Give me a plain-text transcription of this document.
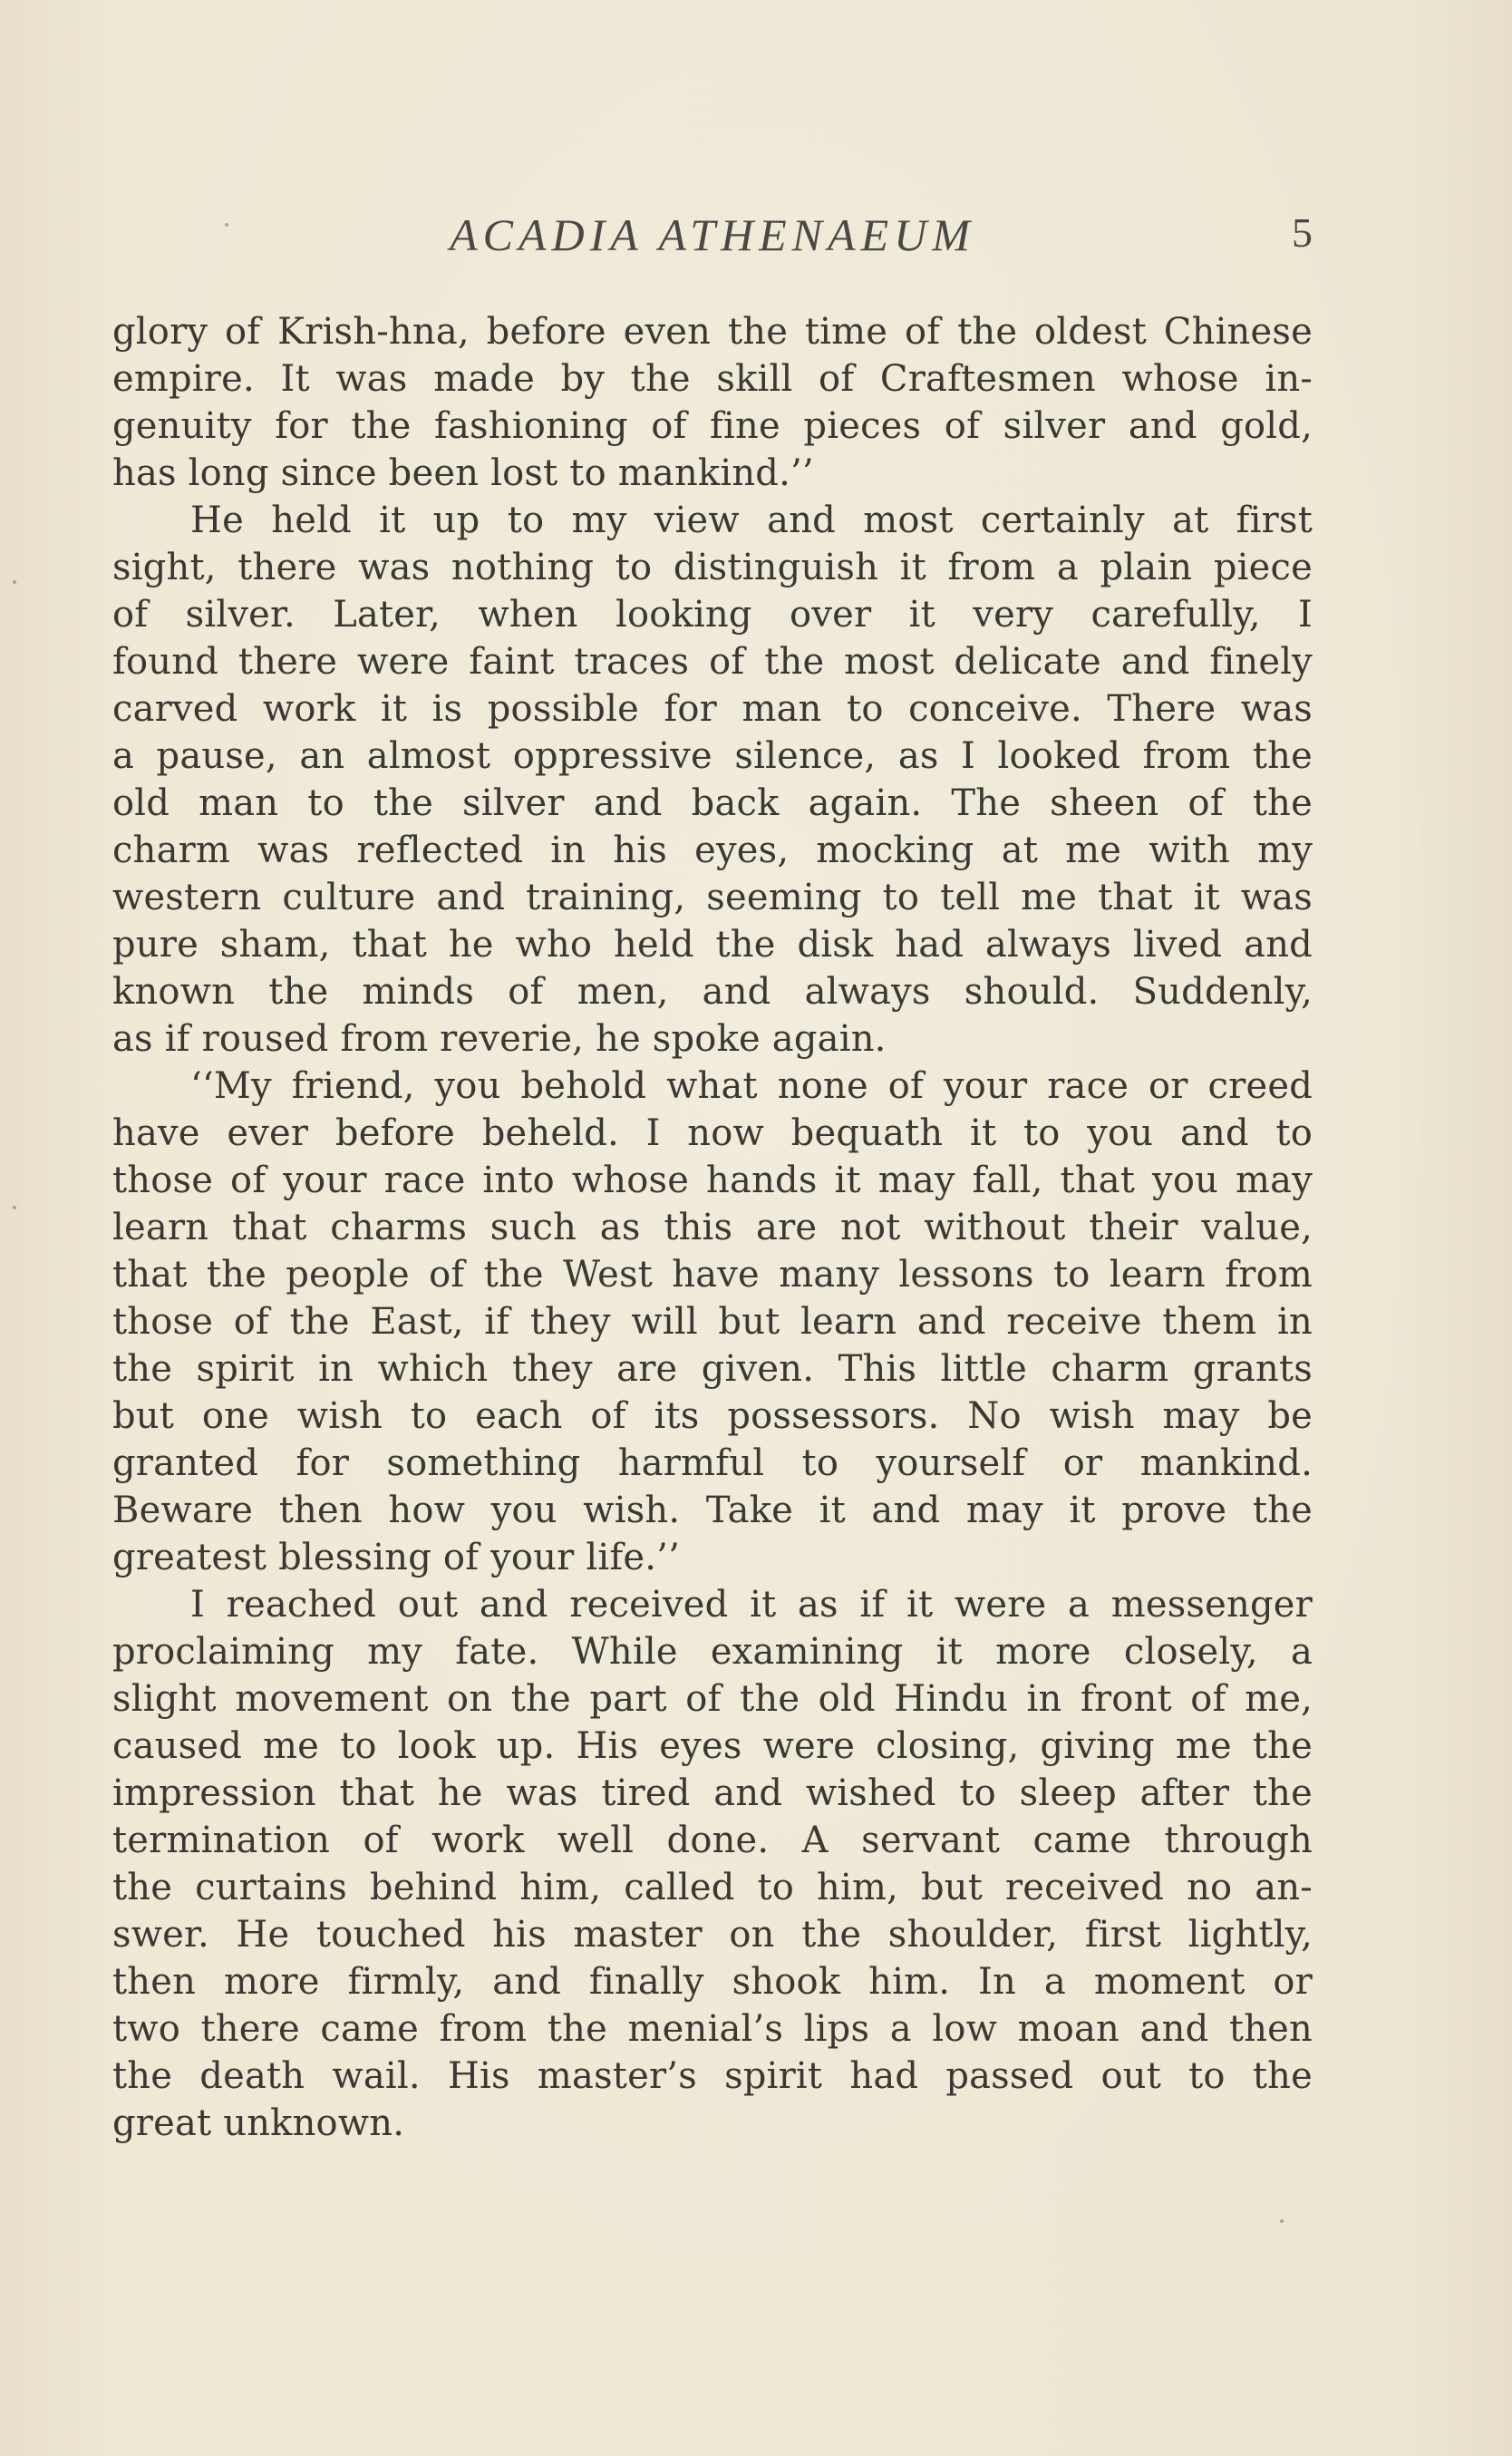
ACADIA ATHENAEUM	5

glory of Krish-hna, before even the time of the oldest Chinese
empire. It was made by the skill of Craftesmen whose in-
genuity for the fashioning of fine pieces of silver and gold,
has long since been lost to mankind.’’

He held it up to my view and most certainly at first
sight, there was nothing to distinguish it from a plain piece
of silver. Later, when looking over it very carefully, I
found there were faint traces of the most delicate and finely
carved work it is possible for man to conceive. There was
a pause, an almost oppressive silence, as I looked from the
old man to the silver and back again. The sheen of the
charm was reflected in his eyes, mocking at me with my
western culture and training, seeming to tell me that it was
pure sham, that he who held the disk had always lived and
known the minds of men, and always should. Suddenly,
as if roused from reverie, he spoke again.

‘‘My friend, you behold what none of your race or creed
have ever before beheld. I now bequath it to you and to
those of your race into whose hands it may fall, that you may
learn that charms such as this are not without their value,
that the people of the West have many lessons to learn from
those of the East, if they will but learn and receive them in
the spirit in which they are given. This little charm grants
but one wish to each of its possessors. No wish may be
granted for something harmful to yourself or mankind.
Beware then how you wish. Take it and may it prove the
greatest blessing of your life.’’

I reached out and received it as if it were a messenger
proclaiming my fate. While examining it more closely, a
slight movement on the part of the old Hindu in front of me,
caused me to look up. His eyes were closing, giving me the
impression that he was tired and wished to sleep after the
termination of work well done. A servant came through
the curtains behind him, called to him, but received no an-
swer. He touched his master on the shoulder, first lightly,
then more firmly, and finally shook him. In a moment or
two there came from the menial’s lips a low moan and then
the death wail. His master’s spirit had passed out to the
great unknown.
